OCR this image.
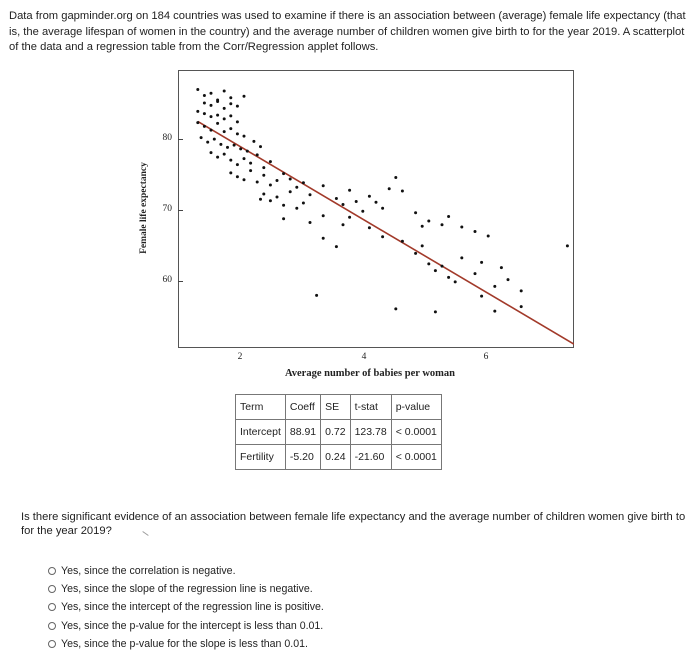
Data from gapminder.org on 184 countries was used to examine if there is an association between (average) female life expectancy (that is, the average lifespan of women in the country) and the average number of children women give birth to for the year 2019. A scatterplot of the data and a regression table from the Corr/Regression applet follows.
Female life expectancy
80
70
60
2	4	6
Average number of babies per woman
Term	Coeff	SE	t-stat	p-value
Intercept	88.91	0.72	123.78	< 0.0001
Fertility	-5.20	0.24	-21.60	< 0.0001
Is there significant evidence of an association between female life expectancy and the average number of children women give birth to for the year 2019?
Yes, since the correlation is negative.
Yes, since the slope of the regression line is negative.
Yes, since the intercept of the regression line is positive.
Yes, since the p-value for the intercept is less than 0.01.
Yes, since the p-value for the slope is less than 0.01.
